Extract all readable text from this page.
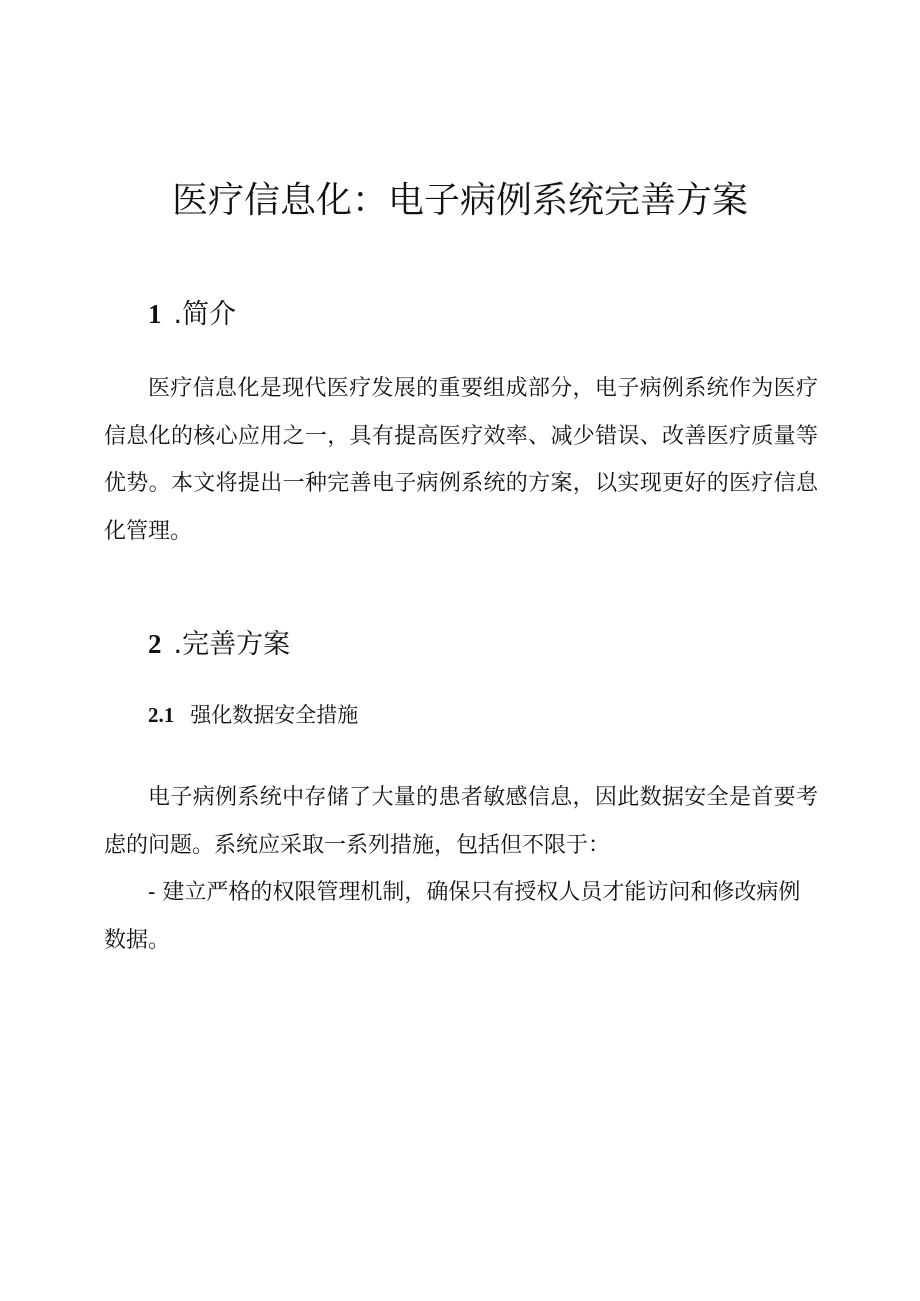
医疗信息化：电子病例系统完善方案
1 .简介

医疗信息化是现代医疗发展的重要组成部分，电子病例系统作为医疗信息化的核心应用之一，具有提高医疗效率、减少错误、改善医疗质量等优势。本文将提出一种完善电子病例系统的方案，以实现更好的医疗信息化管理。

2 .完善方案
2.1 强化数据安全措施

电子病例系统中存储了大量的患者敏感信息，因此数据安全是首要考虑的问题。系统应采取一系列措施，包括但不限于：

- 建立严格的权限管理机制，确保只有授权人员才能访问和修改病例数据。
